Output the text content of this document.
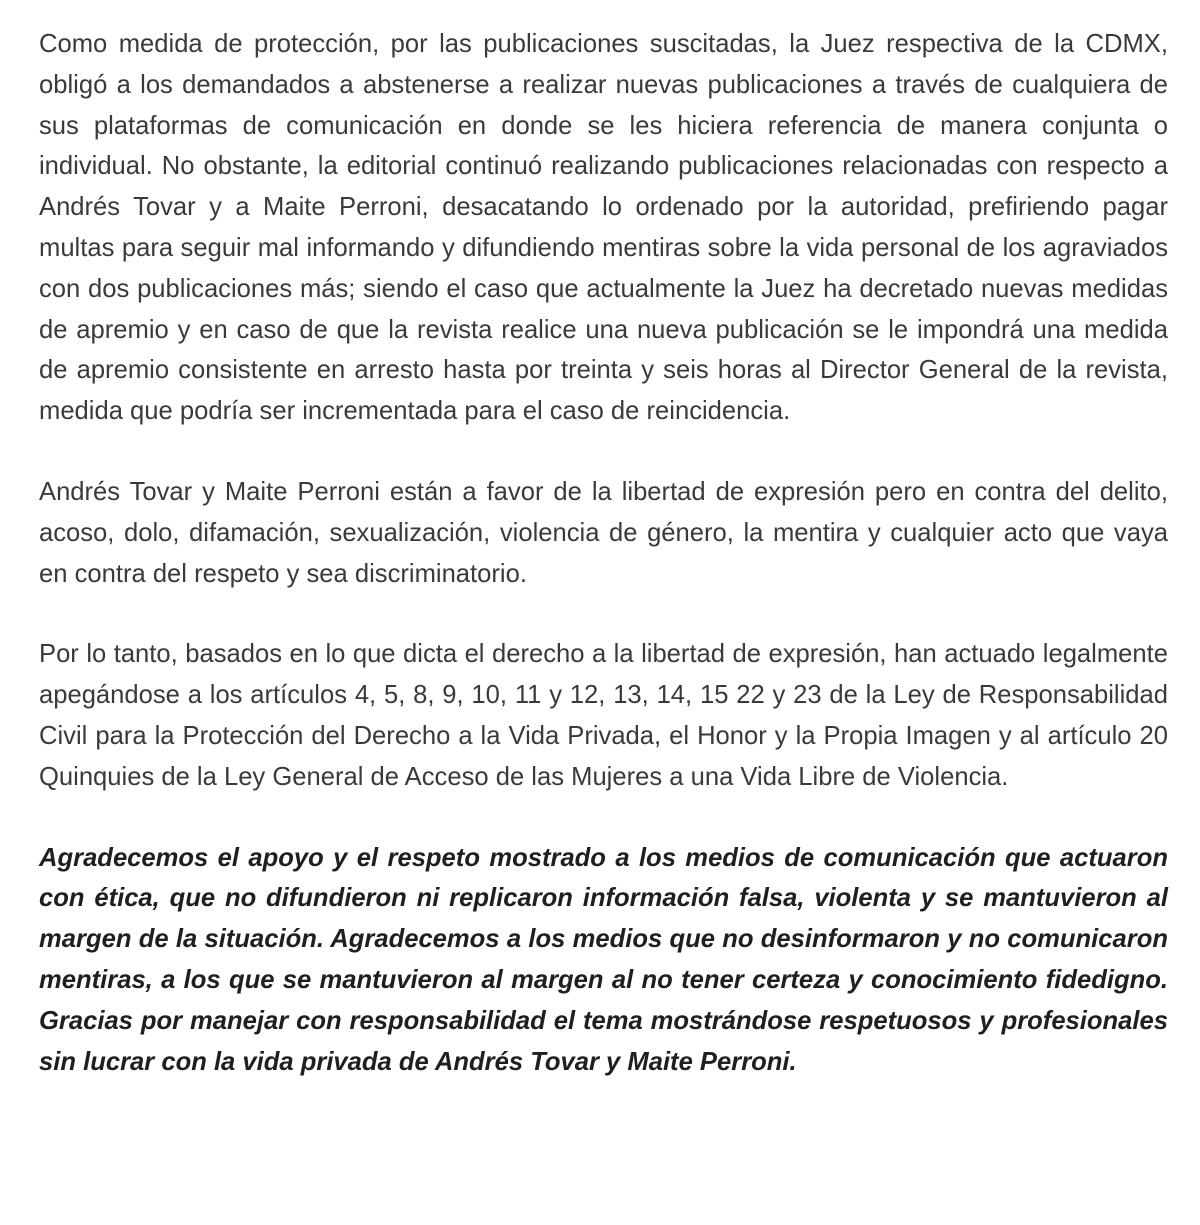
Como medida de protección, por las publicaciones suscitadas, la Juez respectiva de la CDMX, obligó a los demandados a abstenerse a realizar nuevas publicaciones a través de cualquiera de sus plataformas de comunicación en donde se les hiciera referencia de manera conjunta o individual. No obstante, la editorial continuó realizando publicaciones relacionadas con respecto a Andrés Tovar y a Maite Perroni, desacatando lo ordenado por la autoridad, prefiriendo pagar multas para seguir mal informando y difundiendo mentiras sobre la vida personal de los agraviados con dos publicaciones más; siendo el caso que actualmente la Juez ha decretado nuevas medidas de apremio y en caso de que la revista realice una nueva publicación se le impondrá una medida de apremio consistente en arresto hasta por treinta y seis horas al Director General de la revista, medida que podría ser incrementada para el caso de reincidencia.

Andrés Tovar y Maite Perroni están a favor de la libertad de expresión pero en contra del delito, acoso, dolo, difamación, sexualización, violencia de género, la mentira y cualquier acto que vaya en contra del respeto y sea discriminatorio.

Por lo tanto, basados en lo que dicta el derecho a la libertad de expresión, han actuado legalmente apegándose a los artículos 4, 5, 8, 9, 10, 11 y 12, 13, 14, 15 22 y 23 de la Ley de Responsabilidad Civil para la Protección del Derecho a la Vida Privada, el Honor y la Propia Imagen y al artículo 20 Quinquies de la Ley General de Acceso de las Mujeres a una Vida Libre de Violencia.

Agradecemos el apoyo y el respeto mostrado a los medios de comunicación que actuaron con ética, que no difundieron ni replicaron información falsa, violenta y se mantuvieron al margen de la situación. Agradecemos a los medios que no desinformaron y no comunicaron mentiras, a los que se mantuvieron al margen al no tener certeza y conocimiento fidedigno. Gracias por manejar con responsabilidad el tema mostrándose respetuosos y profesionales sin lucrar con la vida privada de Andrés Tovar y Maite Perroni.
